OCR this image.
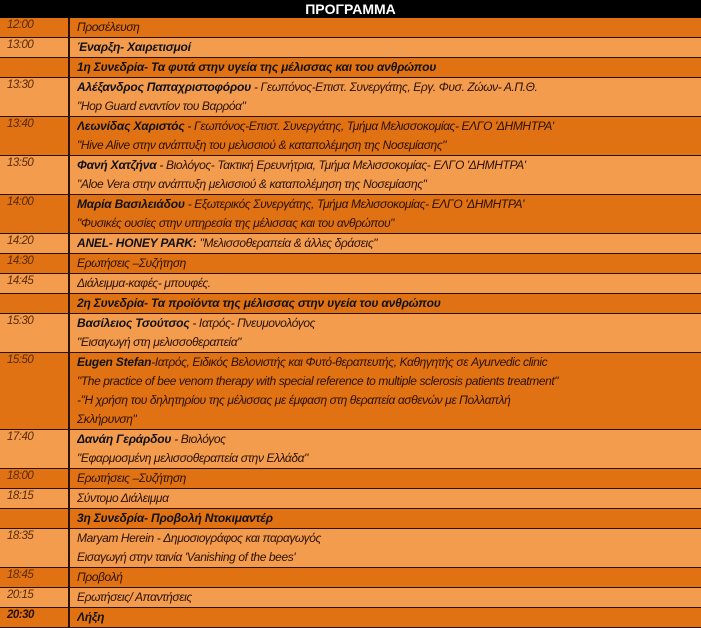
ΠΡΟΓΡΑΜΜΑ
12:00	Προσέλευση
13:00	Έναρξη- Χαιρετισμοί
1η Συνεδρία- Τα φυτά στην υγεία της μέλισσας και του ανθρώπου
13:30	Αλέξανδρος Παπαχριστοφόρου - Γεωπόνος-Επιστ. Συνεργάτης, Εργ. Φυσ. Ζώων- Α.Π.Θ.
"Hop Guard εναντίον του Βαρρόα"
13:40	Λεωνίδας Χαριστός - Γεωπόνος-Επιστ. Συνεργάτης, Τμήμα Μελισσοκομίας- ΕΛΓΟ 'ΔΗΜΗΤΡΑ'
"Hive Alive στην ανάπτυξη του μελισσιού & καταπολέμηση της Νοσεμίασης"
13:50	Φανή Χατζήνα - Βιολόγος- Τακτική Ερευνήτρια, Τμήμα Μελισσοκομίας- ΕΛΓΟ 'ΔΗΜΗΤΡΑ'
"Aloe Vera στην ανάπτυξη μελισσιού & καταπολέμηση της Νοσεμίασης"
14:00	Μαρία Βασιλειάδου - Εξωτερικός Συνεργάτης, Τμήμα Μελισσοκομίας- ΕΛΓΟ 'ΔΗΜΗΤΡΑ'
"Φυσικές ουσίες στην υπηρεσία της μέλισσας και του ανθρώπου"
14:20	ANEL- HONEY PARK: "Μελισσοθεραπεία & άλλες δράσεις"
14:30	Ερωτήσεις –Συζήτηση
14:45	Διάλειμμα-καφές- μπουφές.
2η Συνεδρία- Τα προϊόντα της μέλισσας στην υγεία του ανθρώπου
15:30	Βασίλειος Τσούτσος - Ιατρός- Πνευμονολόγος
"Εισαγωγή στη μελισσοθεραπεία"
15:50	Eugen Stefan-Ιατρός, Ειδικός Βελονιστής και Φυτό-θεραπευτής, Καθηγητής σε Ayurvedic clinic
"The practice of bee venom therapy with special reference to multiple sclerosis patients treatment"
-"Η χρήση του δηλητηρίου της μέλισσας με έμφαση στη θεραπεία ασθενών με Πολλαπλή
Σκλήρυνση"
17:40	Δανάη Γεράρδου - Βιολόγος
"Εφαρμοσμένη μελισσοθεραπεία στην Ελλάδα"
18:00	Ερωτήσεις –Συζήτηση
18:15	Σύντομο Διάλειμμα
3η Συνεδρία- Προβολή Ντοκιμαντέρ
18:35	Maryam Herein - Δημοσιογράφος και παραγωγός
Εισαγωγή στην ταινία 'Vanishing of the bees'
18:45	Προβολή
20:15	Ερωτήσεις/ Απαντήσεις
20:30	Λήξη
